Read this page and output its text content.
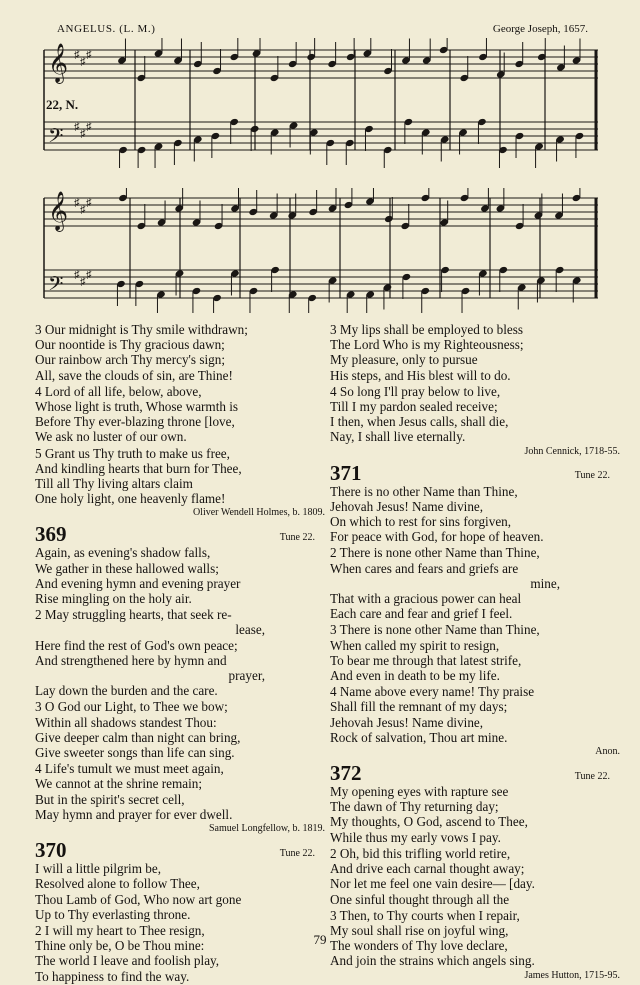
ANGELUS. (L. M.)	George Joseph, 1657.
22, N.
𝄞 ♯
♯
♯
𝄢 ♯
♯
♯
𝄞 ♯
♯
♯
𝄢 ♯
♯
♯
3 Our midnight is Thy smile withdrawn;
Our noontide is Thy gracious dawn;
Our rainbow arch Thy mercy's sign;
All, save the clouds of sin, are Thine!
4 Lord of all life, below, above,
Whose light is truth, Whose warmth is
Before Thy ever-blazing throne [love,
We ask no luster of our own.
5 Grant us Thy truth to make us free,
And kindling hearts that burn for Thee,
Till all Thy living altars claim
One holy light, one heavenly flame!
Oliver Wendell Holmes, b. 1809.
369	Tune 22.
Again, as evening's shadow falls,
We gather in these hallowed walls;
And evening hymn and evening prayer
Rise mingling on the holy air.
2 May struggling hearts, that seek re-
lease,
Here find the rest of God's own peace;
And strengthened here by hymn and
prayer,
Lay down the burden and the care.
3 O God our Light, to Thee we bow;
Within all shadows standest Thou:
Give deeper calm than night can bring,
Give sweeter songs than life can sing.
4 Life's tumult we must meet again,
We cannot at the shrine remain;
But in the spirit's secret cell,
May hymn and prayer for ever dwell.
Samuel Longfellow, b. 1819.
370	Tune 22.
I will a little pilgrim be,
Resolved alone to follow Thee,
Thou Lamb of God, Who now art gone
Up to Thy everlasting throne.
2 I will my heart to Thee resign,
Thine only be, O be Thou mine:
The world I leave and foolish play,
To happiness to find the way.
3 My lips shall be employed to bless
The Lord Who is my Righteousness;
My pleasure, only to pursue
His steps, and His blest will to do.
4 So long I'll pray below to live,
Till I my pardon sealed receive;
I then, when Jesus calls, shall die,
Nay, I shall live eternally.
John Cennick, 1718-55.
371	Tune 22.
There is no other Name than Thine,
Jehovah Jesus! Name divine,
On which to rest for sins forgiven,
For peace with God, for hope of heaven.
2 There is none other Name than Thine,
When cares and fears and griefs are
mine,
That with a gracious power can heal
Each care and fear and grief I feel.
3 There is none other Name than Thine,
When called my spirit to resign,
To bear me through that latest strife,
And even in death to be my life.
4 Name above every name! Thy praise
Shall fill the remnant of my days;
Jehovah Jesus! Name divine,
Rock of salvation, Thou art mine.
Anon.
372	Tune 22.
My opening eyes with rapture see
The dawn of Thy returning day;
My thoughts, O God, ascend to Thee,
While thus my early vows I pay.
2 Oh, bid this trifling world retire,
And drive each carnal thought away;
Nor let me feel one vain desire— [day.
One sinful thought through all the
3 Then, to Thy courts when I repair,
My soul shall rise on joyful wing,
The wonders of Thy love declare,
And join the strains which angels sing.
James Hutton, 1715-95.
79
